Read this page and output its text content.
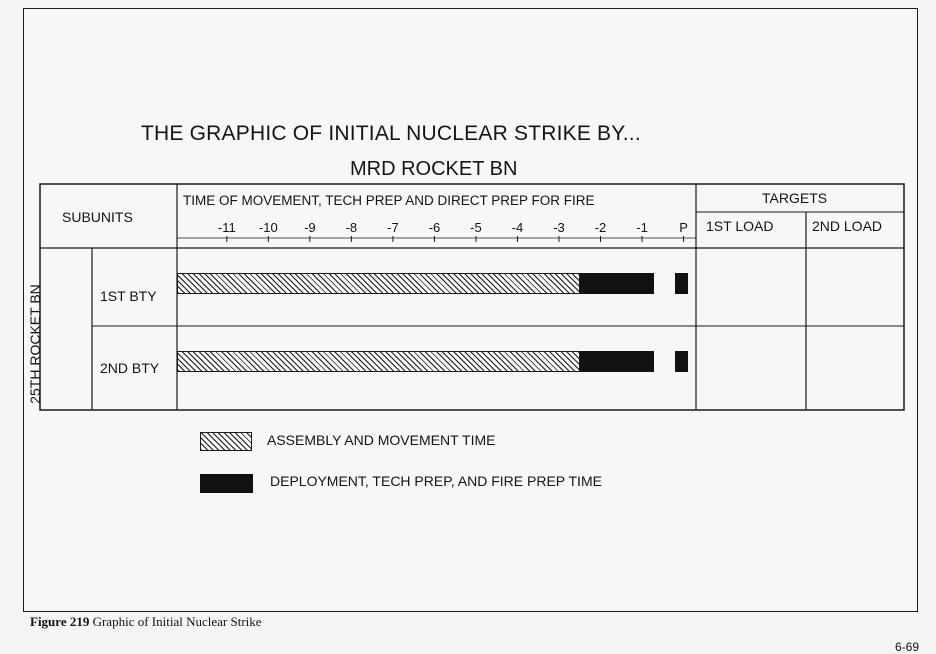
THE GRAPHIC OF INITIAL NUCLEAR STRIKE BY...
MRD ROCKET BN
SUBUNITS
TIME OF MOVEMENT, TECH PREP AND DIRECT PREP FOR FIRE	TARGETS
1ST LOAD	2ND LOAD
-11	-10	-9	-8	-7	-6	-5	-4	-3	-2	-1	P
25TH ROCKET BN	1ST BTY
2ND BTY
ASSEMBLY AND MOVEMENT TIME
DEPLOYMENT, TECH PREP, AND FIRE PREP TIME
Figure 219 Graphic of Initial Nuclear Strike
6-69
